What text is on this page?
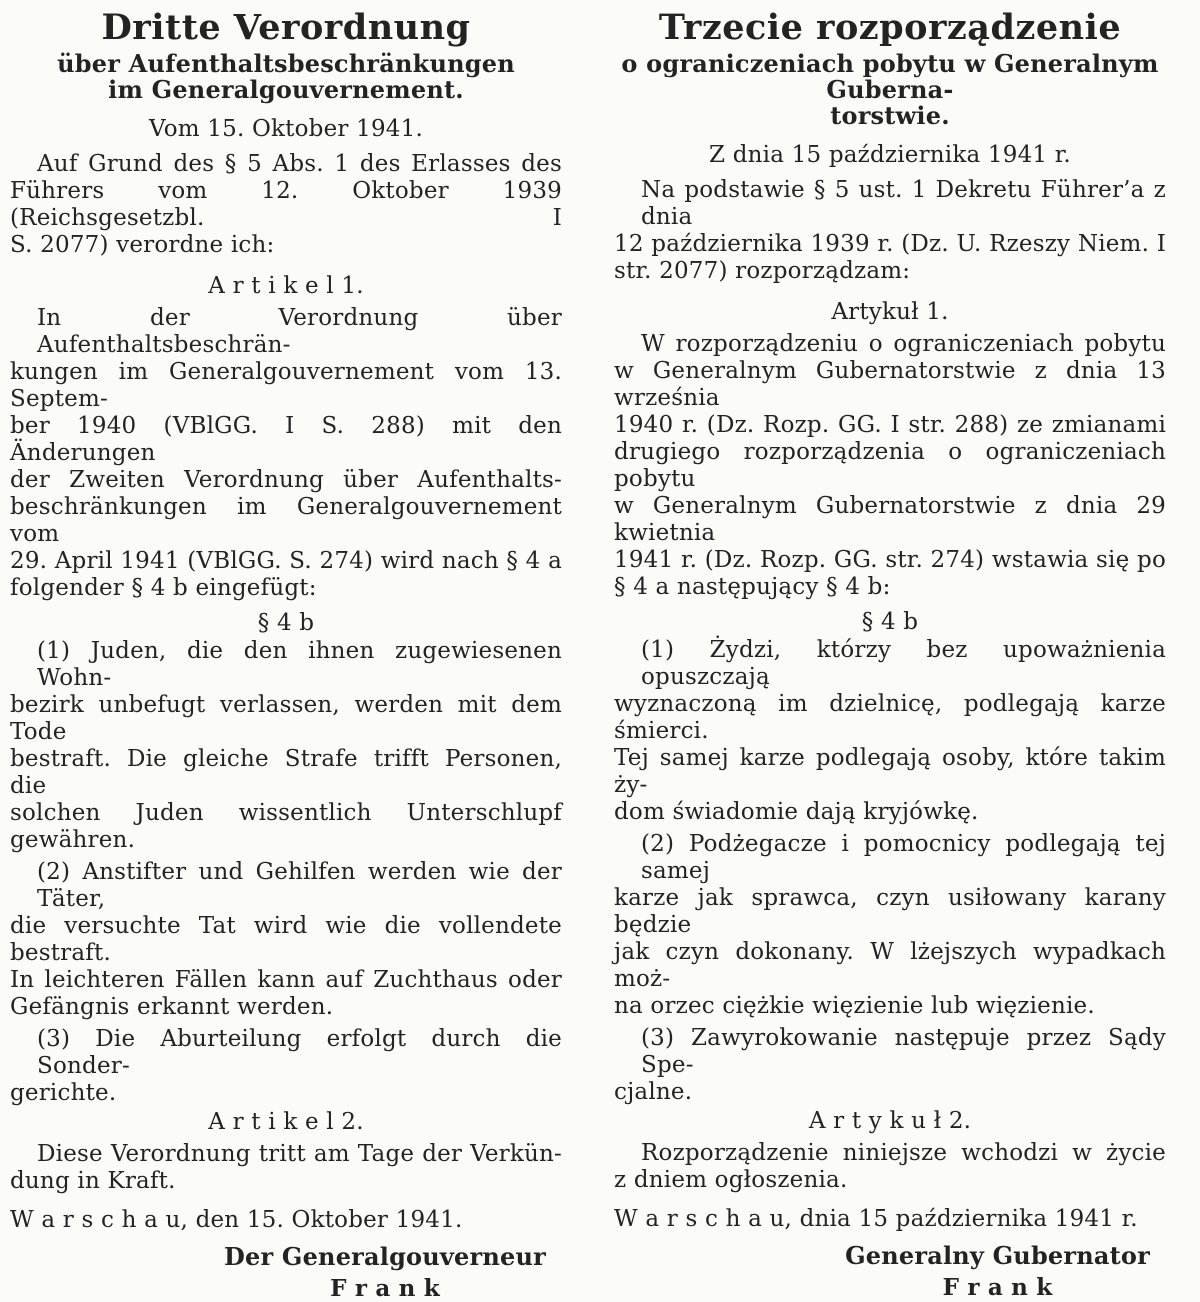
Dritte Verordnung
über Aufenthaltsbeschränkungen
im Generalgouvernement.
Vom 15. Oktober 1941.
Auf Grund des § 5 Abs. 1 des Erlasses des
Führers vom 12. Oktober 1939 (Reichsgesetzbl. I
S. 2077) verordne ich:
A r t i k e l 1.
In der Verordnung über Aufenthaltsbeschrän-
kungen im Generalgouvernement vom 13. Septem-
ber 1940 (VBlGG. I S. 288) mit den Änderungen
der Zweiten Verordnung über Aufenthalts-
beschränkungen im Generalgouvernement vom
29. April 1941 (VBlGG. S. 274) wird nach § 4 a
folgender § 4 b eingefügt:
§ 4 b
(1) Juden, die den ihnen zugewiesenen Wohn-
bezirk unbefugt verlassen, werden mit dem Tode
bestraft. Die gleiche Strafe trifft Personen, die
solchen Juden wissentlich Unterschlupf gewähren.
(2) Anstifter und Gehilfen werden wie der Täter,
die versuchte Tat wird wie die vollendete bestraft.
In leichteren Fällen kann auf Zuchthaus oder
Gefängnis erkannt werden.
(3) Die Aburteilung erfolgt durch die Sonder-
gerichte.
A r t i k e l 2.
Diese Verordnung tritt am Tage der Verkün-
dung in Kraft.
W a r s c h a u, den 15. Oktober 1941.
Der Generalgouverneur
F r a n k
Trzecie rozporządzenie
o ograniczeniach pobytu w Generalnym Guberna-
torstwie.
Z dnia 15 października 1941 r.
Na podstawie § 5 ust. 1 Dekretu Führer’a z dnia
12 października 1939 r. (Dz. U. Rzeszy Niem. I
str. 2077) rozporządzam:
Artykuł 1.
W rozporządzeniu o ograniczeniach pobytu
w Generalnym Gubernatorstwie z dnia 13 września
1940 r. (Dz. Rozp. GG. I str. 288) ze zmianami
drugiego rozporządzenia o ograniczeniach pobytu
w Generalnym Gubernatorstwie z dnia 29 kwietnia
1941 r. (Dz. Rozp. GG. str. 274) wstawia się po
§ 4 a następujący § 4 b:
§ 4 b
(1) Żydzi, którzy bez upoważnienia opuszczają
wyznaczoną im dzielnicę, podlegają karze śmierci.
Tej samej karze podlegają osoby, które takim ży-
dom świadomie dają kryjówkę.
(2) Podżegacze i pomocnicy podlegają tej samej
karze jak sprawca, czyn usiłowany karany będzie
jak czyn dokonany. W lżejszych wypadkach moż-
na orzec ciężkie więzienie lub więzienie.
(3) Zawyrokowanie następuje przez Sądy Spe-
cjalne.
A r t y k u ł 2.
Rozporządzenie niniejsze wchodzi w życie
z dniem ogłoszenia.
W a r s c h a u, dnia 15 października 1941 r.
Generalny Gubernator
F r a n k
